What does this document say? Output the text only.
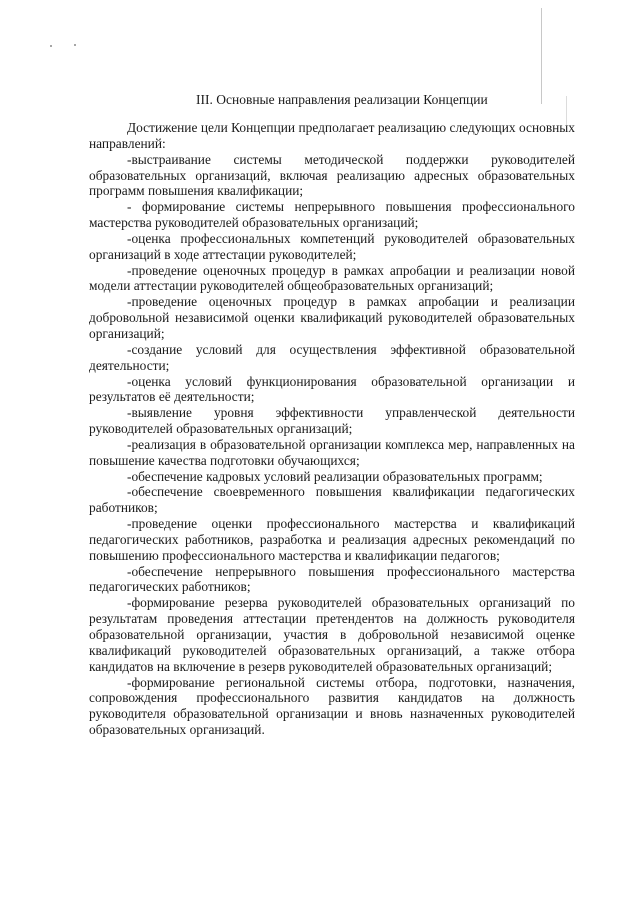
III. Основные направления реализации Концепции

Достижение цели Концепции предполагает реализацию следующих основных направлений:

-выстраивание системы методической поддержки руководителей образовательных организаций, включая реализацию адресных образовательных программ повышения квалификации;

- формирование системы непрерывного повышения профессионального мастерства руководителей образовательных организаций;

-оценка профессиональных компетенций руководителей образовательных организаций в ходе аттестации руководителей;

-проведение оценочных процедур в рамках апробации и реализации новой модели аттестации руководителей общеобразовательных организаций;

-проведение оценочных процедур в рамках апробации и реализации добровольной независимой оценки квалификаций руководителей образовательных организаций;

-создание условий для осуществления эффективной образовательной деятельности;

-оценка условий функционирования образовательной организации и результатов её деятельности;

-выявление уровня эффективности управленческой деятельности руководителей образовательных организаций;

-реализация в образовательной организации комплекса мер, направленных на повышение качества подготовки обучающихся;

-обеспечение кадровых условий реализации образовательных программ;

-обеспечение своевременного повышения квалификации педагогических работников;

-проведение оценки профессионального мастерства и квалификаций педагогических работников, разработка и реализация адресных рекомендаций по повышению профессионального мастерства и квалификации педагогов;

-обеспечение непрерывного повышения профессионального мастерства педагогических работников;

-формирование резерва руководителей образовательных организаций по результатам проведения аттестации претендентов на должность руководителя образовательной организации, участия в добровольной независимой оценке квалификаций руководителей образовательных организаций, а также отбора кандидатов на включение в резерв руководителей образовательных организаций;

-формирование региональной системы отбора, подготовки, назначения, сопровождения профессионального развития кандидатов на должность руководителя образовательной организации и вновь назначенных руководителей образовательных организаций.
